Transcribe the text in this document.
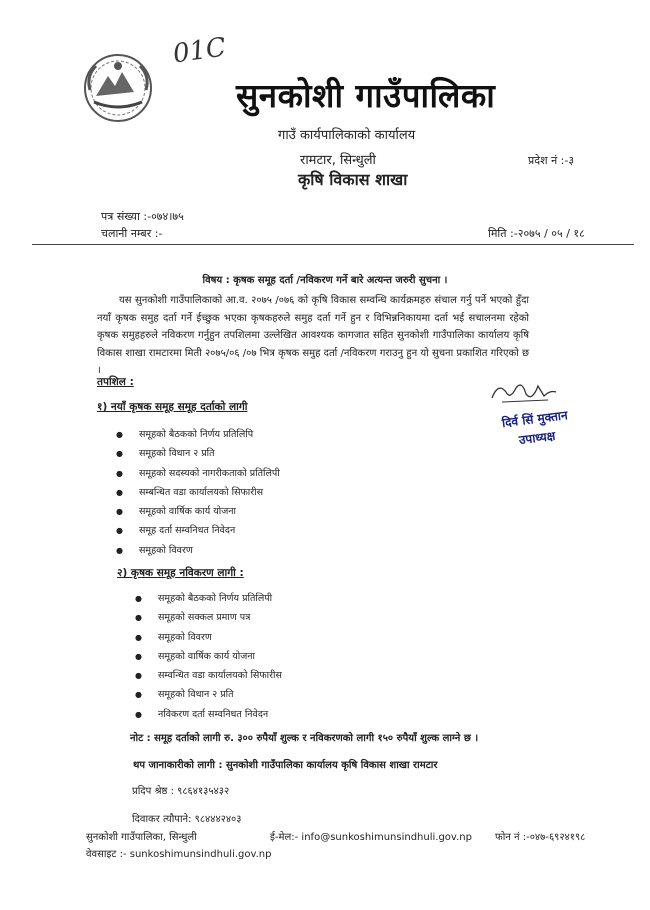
01C
सुनकोशी गाउँपालिका
गाउँ कार्यपालिकाको कार्यालय
रामटार, सिन्धुली
कृषि विकास शाखा
प्रदेश नं :-३
पत्र संख्या :-०७४।७५
चलानी नम्बर :-	मिति :-२०७५ / ०५ / १८
विषय : कृषक समूह दर्ता /नविकरण गर्ने बारे अत्यन्त जरुरी सुचना ।
यस सुनकोशी गाउँपालिकाको आ.व. २०७५ /०७६ को कृषि विकास सम्वन्धि कार्यक्रमहरु संचाल गर्नु पर्ने भएको हुँदा नयाँ कृषक समुह दर्ता गर्ने ईच्छुक भएका कृषकहरुले समुह दर्ता गर्ने हुन र विभिन्ननिकायमा दर्ता भई सचालनमा रहेको कृषक समुहहरुले नविकरण गर्नुहुन तपशिलमा उल्लेखित आवश्यक कागजात सहित सुनकोशी गाउँपालिका कार्यालय कृषि विकास शाखा रामटारमा मिती २०७५/०६ /०७ भित्र कृषक समुह दर्ता /नविकरण गराउनु हुन यो सुचना प्रकाशित गरिएको छ ।
तपशिल :
दिर्व सिं मुक्तान
उपाध्यक्ष
१) नयाँ कृषक समूह समूह दर्ताको लागी
● समूहको बैठकको निर्णय प्रतिलिपि
● समूहको विधान २ प्रति
● समूहको सदस्यको नागरीकताको प्रतिलिपी
● सम्बन्धित वडा कार्यालयको सिफारीस
● समूहको वार्षिक कार्य योजना
● समूह दर्ता सम्वनिधत निवेदन
● समूहको विवरण
२) कृषक समूह नविकरण लागी :
● समूहको बैठकको निर्णय प्रतिलिपी
● समूहको सक्कल प्रमाण पत्र
● समूहको विवरण
● समूहको वार्षिक कार्य योजना
● सम्वन्धित वडा कार्यालयको सिफारीस
● समूहको विधान २ प्रति
● नविकरण दर्ता सम्वनिधत निवेदन
नोट : समूह दर्ताको लागी रु. ३०० रुपैयाँ शुल्क र नविकरणको लागी १५० रुपैयाँ शुल्क लाग्ने छ ।
थप जानाकारीको लागी : सुनकोशी गाउँपालिका कार्यालय कृषि विकास शाखा रामटार
प्रदिप श्रेष्ठ : ९८६४१३५४३२
दिवाकर त्यौपाने: ९८४४४२४०३
सुनकोशी गाउँपालिका, सिन्धुली	ई-मेल:- info@sunkoshimunsindhuli.gov.np फोन नं :-०४७-६९२४१९८
वेवसाइट :- sunkoshimunsindhuli.gov.np
